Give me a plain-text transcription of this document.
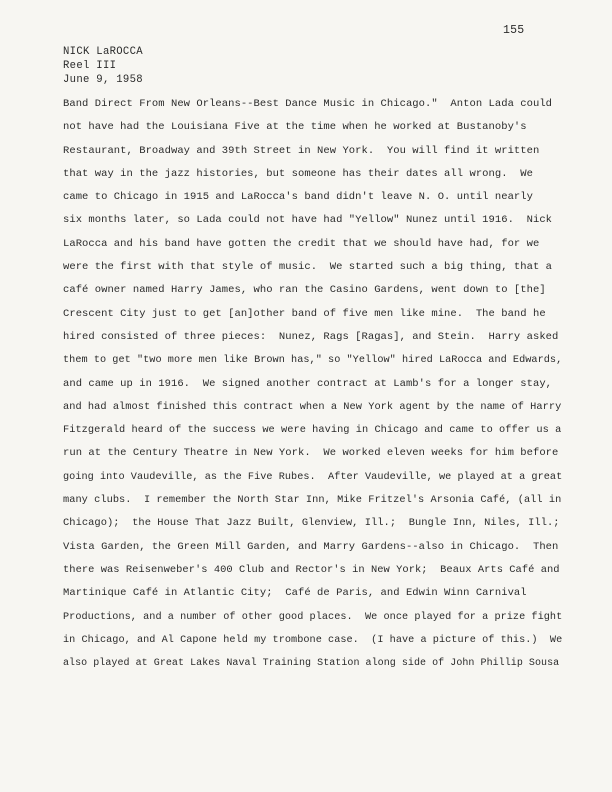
155
NICK LaROCCA
Reel III
June 9, 1958
Band Direct From New Orleans--Best Dance Music in Chicago."  Anton Lada could
not have had the Louisiana Five at the time when he worked at Bustanoby's
Restaurant, Broadway and 39th Street in New York.  You will find it written
that way in the jazz histories, but someone has their dates all wrong.  We
came to Chicago in 1915 and LaRocca's band didn't leave N. O. until nearly
six months later, so Lada could not have had "Yellow" Nunez until 1916.  Nick
LaRocca and his band have gotten the credit that we should have had, for we
were the first with that style of music.  We started such a big thing, that a
café owner named Harry James, who ran the Casino Gardens, went down to [the]
Crescent City just to get [an]other band of five men like mine.  The band he
hired consisted of three pieces:  Nunez, Rags [Ragas], and Stein.  Harry asked
them to get "two more men like Brown has," so "Yellow" hired LaRocca and Edwards,
and came up in 1916.  We signed another contract at Lamb's for a longer stay,
and had almost finished this contract when a New York agent by the name of Harry
Fitzgerald heard of the success we were having in Chicago and came to offer us a
run at the Century Theatre in New York.  We worked eleven weeks for him before
going into Vaudeville, as the Five Rubes.  After Vaudeville, we played at a great
many clubs.  I remember the North Star Inn, Mike Fritzel's Arsonia Café, (all in
Chicago);  the House That Jazz Built, Glenview, Ill.;  Bungle Inn, Niles, Ill.;
Vista Garden, the Green Mill Garden, and Marry Gardens--also in Chicago.  Then
there was Reisenweber's 400 Club and Rector's in New York;  Beaux Arts Café and
Martinique Café in Atlantic City;  Café de Paris, and Edwin Winn Carnival
Productions, and a number of other good places.  We once played for a prize fight
in Chicago, and Al Capone held my trombone case.  (I have a picture of this.)  We
also played at Great Lakes Naval Training Station along side of John Phillip Sousa
